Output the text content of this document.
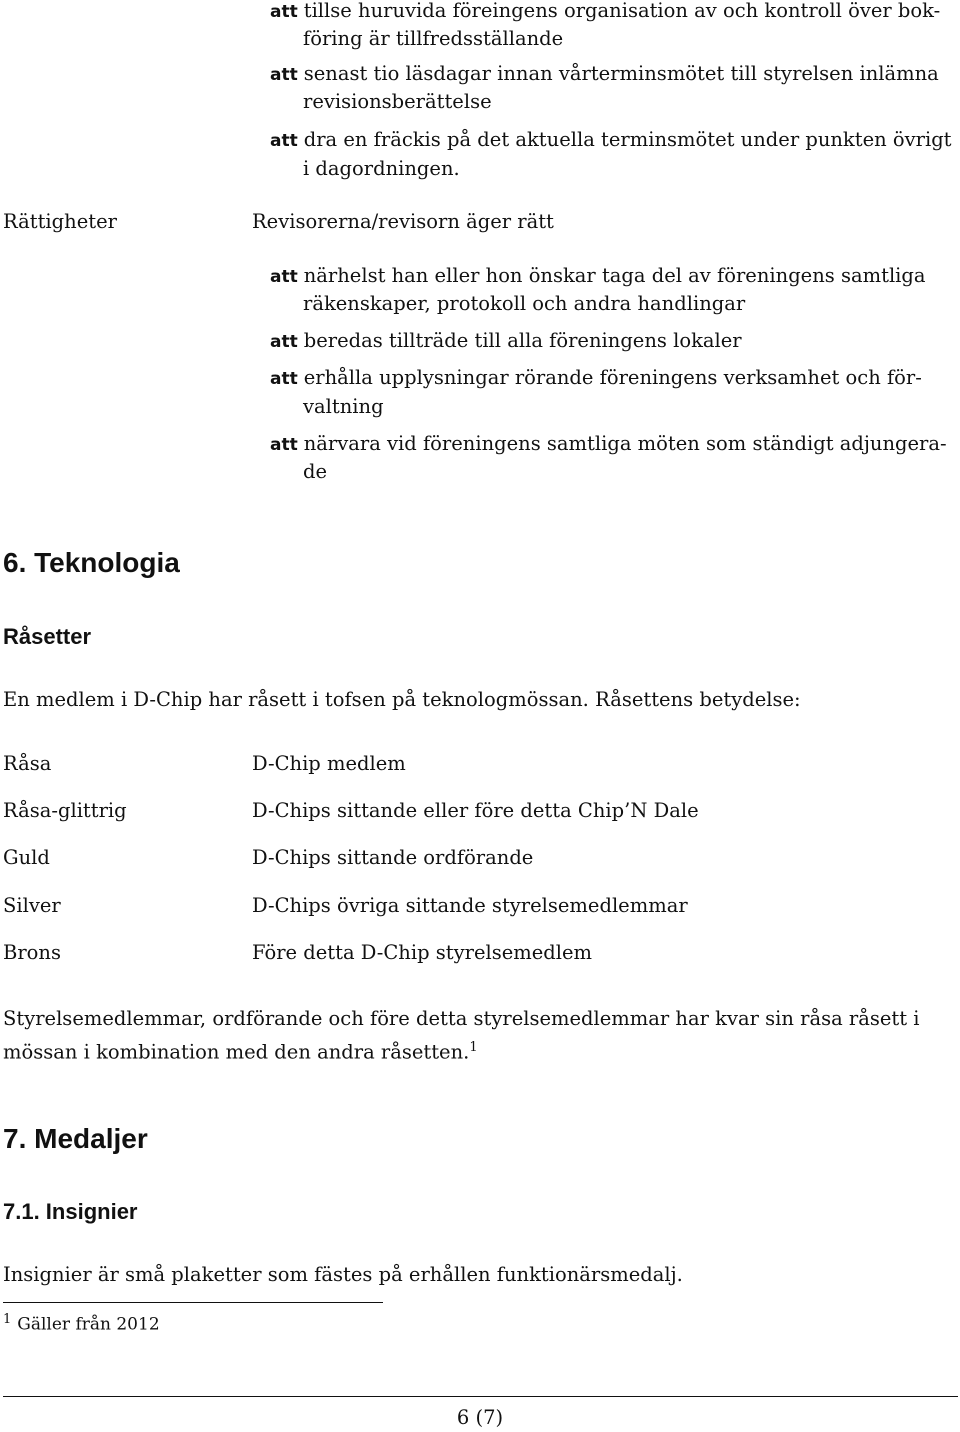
att tillse huruvida föreingens organisation av och kontroll över bok-
föring är tillfredsställande
att senast tio läsdagar innan vårterminsmötet till styrelsen inlämna
revisionsberättelse
att dra en fräckis på det aktuella terminsmötet under punkten övrigt
i dagordningen.
Rättigheter	Revisorerna/revisorn äger rätt
att närhelst han eller hon önskar taga del av föreningens samtliga
räkenskaper, protokoll och andra handlingar
att beredas tillträde till alla föreningens lokaler
att erhålla upplysningar rörande föreningens verksamhet och för-
valtning
att närvara vid föreningens samtliga möten som ständigt adjungera-
de
6. Teknologia
Råsetter
En medlem i D-Chip har råsett i tofsen på teknologmössan. Råsettens betydelse:
Råsa	D-Chip medlem
Råsa-glittrig	D-Chips sittande eller före detta Chip’N Dale
Guld	D-Chips sittande ordförande
Silver	D-Chips övriga sittande styrelsemedlemmar
Brons	Före detta D-Chip styrelsemedlem
Styrelsemedlemmar, ordförande och före detta styrelsemedlemmar har kvar sin råsa råsett i
mössan i kombination med den andra råsetten.$^1$
7. Medaljer
7.1. Insignier
Insignier är små plaketter som fästes på erhållen funktionärsmedalj.
$^1$ Gäller från 2012
6 (7)
